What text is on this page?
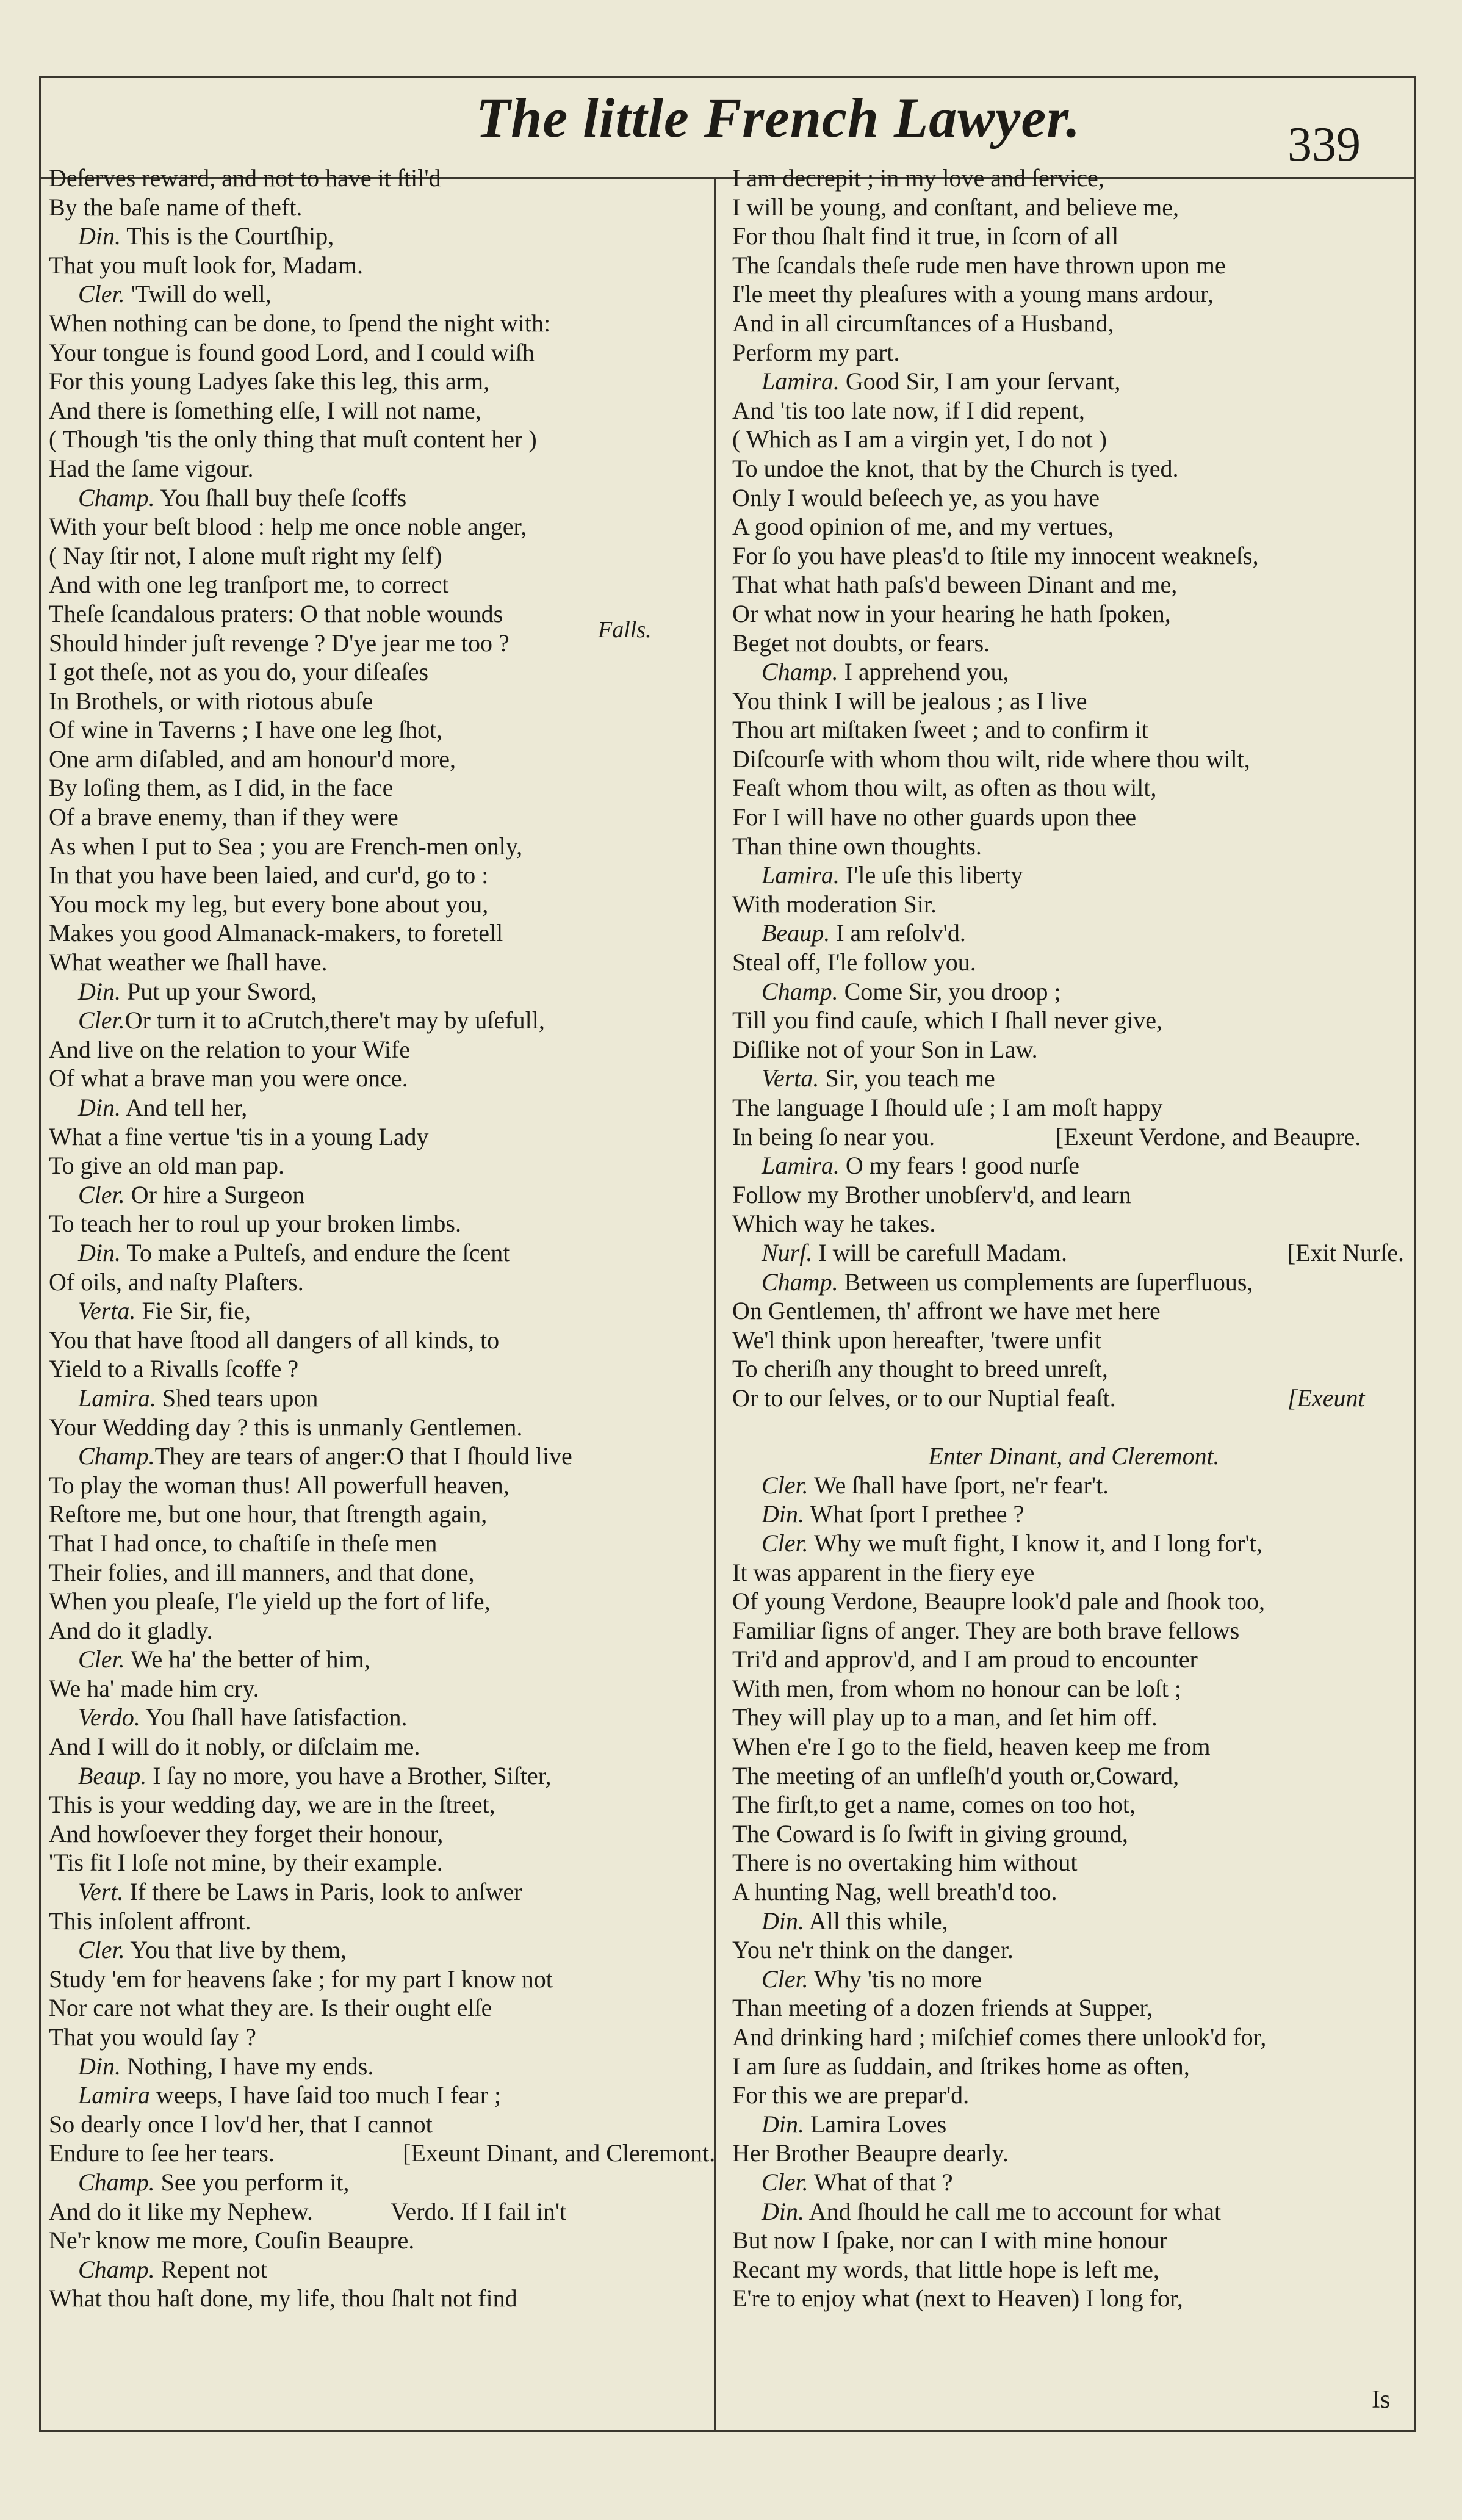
The little French Lawyer.	339
Deſerves reward, and not to have it ſtil'd
By the baſe name of theft.
Din. This is the Courtſhip,
That you muſt look for, Madam.
Cler. 'Twill do well,
When nothing can be done, to ſpend the night with:
Your tongue is found good Lord, and I could wiſh
For this young Ladyes ſake this leg, this arm,
And there is ſomething elſe, I will not name,
( Though 'tis the only thing that muſt content her )
Had the ſame vigour.
Champ. You ſhall buy theſe ſcoffs
With your beſt blood : help me once noble anger,
( Nay ſtir not, I alone muſt right my ſelf)
And with one leg tranſport me, to correct
Theſe ſcandalous praters: O that noble wounds
Should hinder juſt revenge ? D'ye jear me too ?
I got theſe, not as you do, your diſeaſes
In Brothels, or with riotous abuſe
Of wine in Taverns ; I have one leg ſhot,
One arm diſabled, and am honour'd more,
By loſing them, as I did, in the face
Of a brave enemy, than if they were
As when I put to Sea ; you are French-men only,
In that you have been laied, and cur'd, go to :
You mock my leg, but every bone about you,
Makes you good Almanack-makers, to foretell
What weather we ſhall have.
Din. Put up your Sword,
Cler.Or turn it to aCrutch,there't may by uſefull,
And live on the relation to your Wife
Of what a brave man you were once.
Din. And tell her,
What a fine vertue 'tis in a young Lady
To give an old man pap.
Cler. Or hire a Surgeon
To teach her to roul up your broken limbs.
Din. To make a Pulteſs, and endure the ſcent
Of oils, and naſty Plaſters.
Verta. Fie Sir, fie,
You that have ſtood all dangers of all kinds, to
Yield to a Rivalls ſcoffe ?
Lamira. Shed tears upon
Your Wedding day ? this is unmanly Gentlemen.
Champ.They are tears of anger:O that I ſhould live
To play the woman thus! All powerfull heaven,
Reſtore me, but one hour, that ſtrength again,
That I had once, to chaſtiſe in theſe men
Their folies, and ill manners, and that done,
When you pleaſe, I'le yield up the fort of life,
And do it gladly.
Cler. We ha' the better of him,
We ha' made him cry.
Verdo. You ſhall have ſatisfaction.
And I will do it nobly, or diſclaim me.
Beaup. I ſay no more, you have a Brother, Siſter,
This is your wedding day, we are in the ſtreet,
And howſoever they forget their honour,
'Tis fit I loſe not mine, by their example.
Vert. If there be Laws in Paris, look to anſwer
This inſolent affront.
Cler. You that live by them,
Study 'em for heavens ſake ; for my part I know not
Nor care not what they are. Is their ought elſe
That you would ſay ?
Din. Nothing, I have my ends.
Lamira weeps, I have ſaid too much I fear ;
So dearly once I lov'd her, that I cannot
Endure to ſee her tears.	[Exeunt Dinant, and Cleremont.
Champ. See you perform it,
And do it like my Nephew.	Verdo. If I fail in't
Ne'r know me more, Couſin Beaupre.
Champ. Repent not
What thou haſt done, my life, thou ſhalt not find
Falls.
I am decrepit ; in my love and ſervice,
I will be young, and conſtant, and believe me,
For thou ſhalt find it true, in ſcorn of all
The ſcandals theſe rude men have thrown upon me
I'le meet thy pleaſures with a young mans ardour,
And in all circumſtances of a Husband,
Perform my part.
Lamira. Good Sir, I am your ſervant,
And 'tis too late now, if I did repent,
( Which as I am a virgin yet, I do not )
To undoe the knot, that by the Church is tyed.
Only I would beſeech ye, as you have
A good opinion of me, and my vertues,
For ſo you have pleas'd to ſtile my innocent weakneſs,
That what hath paſs'd beween Dinant and me,
Or what now in your hearing he hath ſpoken,
Beget not doubts, or fears.
Champ. I apprehend you,
You think I will be jealous ; as I live
Thou art miſtaken ſweet ; and to confirm it
Diſcourſe with whom thou wilt, ride where thou wilt,
Feaſt whom thou wilt, as often as thou wilt,
For I will have no other guards upon thee
Than thine own thoughts.
Lamira. I'le uſe this liberty
With moderation Sir.
Beaup. I am reſolv'd.
Steal off, I'le follow you.
Champ. Come Sir, you droop ;
Till you find cauſe, which I ſhall never give,
Diſlike not of your Son in Law.
Verta. Sir, you teach me
The language I ſhould uſe ; I am moſt happy
In being ſo near you.	[Exeunt Verdone, and Beaupre.
Lamira. O my fears ! good nurſe
Follow my Brother unobſerv'd, and learn
Which way he takes.
Nurſ. I will be carefull Madam.	[Exit Nurſe.
Champ. Between us complements are ſuperfluous,
On Gentlemen, th' affront we have met here
We'l think upon hereafter, 'twere unfit
To cheriſh any thought to breed unreſt,
Or to our ſelves, or to our Nuptial feaſt.	[Exeunt
Enter Dinant, and Cleremont.
Cler. We ſhall have ſport, ne'r fear't.
Din. What ſport I prethee ?
Cler. Why we muſt fight, I know it, and I long for't,
It was apparent in the fiery eye
Of young Verdone, Beaupre look'd pale and ſhook too,
Familiar ſigns of anger. They are both brave fellows
Tri'd and approv'd, and I am proud to encounter
With men, from whom no honour can be loſt ;
They will play up to a man, and ſet him off.
When e're I go to the field, heaven keep me from
The meeting of an unfleſh'd youth or,Coward,
The firſt,to get a name, comes on too hot,
The Coward is ſo ſwift in giving ground,
There is no overtaking him without
A hunting Nag, well breath'd too.
Din. All this while,
You ne'r think on the danger.
Cler. Why 'tis no more
Than meeting of a dozen friends at Supper,
And drinking hard ; miſchief comes there unlook'd for,
I am ſure as ſuddain, and ſtrikes home as often,
For this we are prepar'd.
Din. Lamira Loves
Her Brother Beaupre dearly.
Cler. What of that ?
Din. And ſhould he call me to account for what
But now I ſpake, nor can I with mine honour
Recant my words, that little hope is left me,
E're to enjoy what (next to Heaven) I long for,
Is
